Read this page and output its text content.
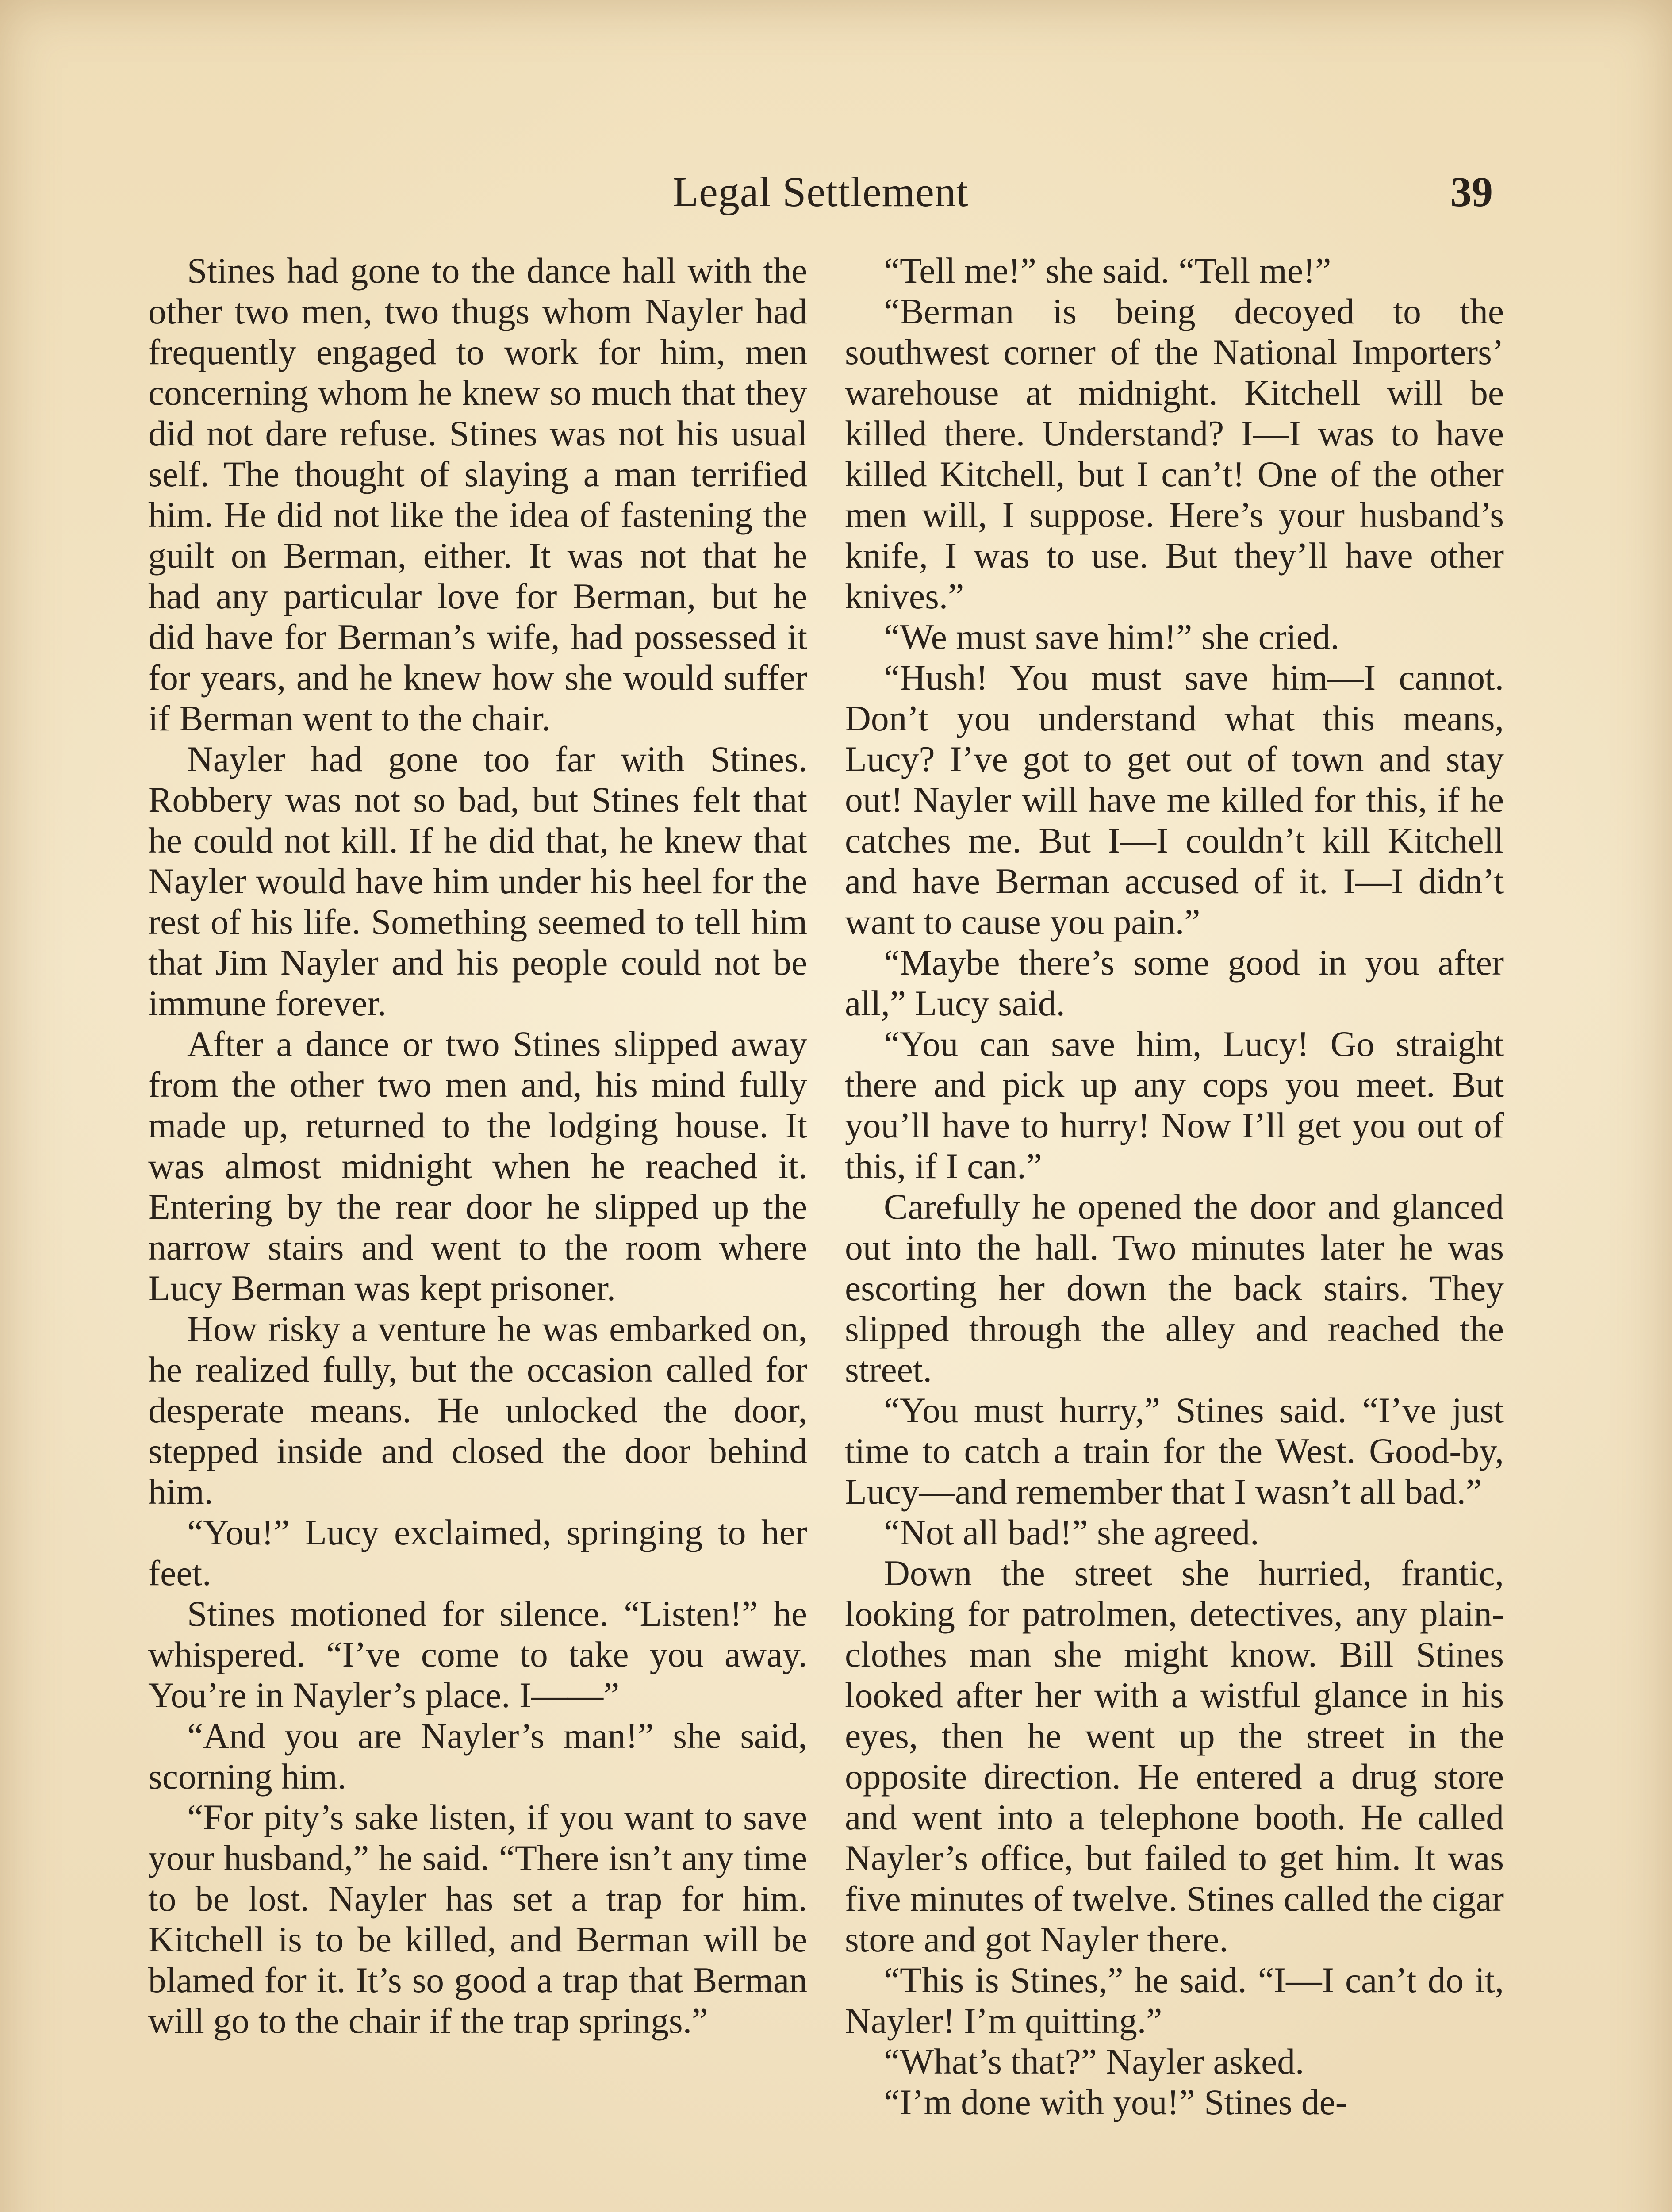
Legal Settlement	39

Stines had gone to the dance hall with the other two men, two thugs whom Nayler had frequently engaged to work for him, men concerning whom he knew so much that they did not dare refuse. Stines was not his usual self. The thought of slaying a man terrified him. He did not like the idea of fastening the guilt on Berman, either. It was not that he had any particular love for Berman, but he did have for Berman’s wife, had possessed it for years, and he knew how she would suffer if Berman went to the chair.

Nayler had gone too far with Stines. Robbery was not so bad, but Stines felt that he could not kill. If he did that, he knew that Nayler would have him under his heel for the rest of his life. Something seemed to tell him that Jim Nayler and his people could not be immune forever.

After a dance or two Stines slipped away from the other two men and, his mind fully made up, returned to the lodging house. It was almost midnight when he reached it. Entering by the rear door he slipped up the narrow stairs and went to the room where Lucy Berman was kept prisoner.

How risky a venture he was embarked on, he realized fully, but the occasion called for desperate means. He unlocked the door, stepped inside and closed the door behind him.

“You!” Lucy exclaimed, springing to her feet.

Stines motioned for silence. “Listen!” he whispered. “I’ve come to take you away. You’re in Nayler’s place. I——”

“And you are Nayler’s man!” she said, scorning him.

“For pity’s sake listen, if you want to save your husband,” he said. “There isn’t any time to be lost. Nayler has set a trap for him. Kitchell is to be killed, and Berman will be blamed for it. It’s so good a trap that Berman will go to the chair if the trap springs.”

“Tell me!” she said. “Tell me!”

“Berman is being decoyed to the southwest corner of the National Importers’ warehouse at midnight. Kitchell will be killed there. Understand? I—I was to have killed Kitchell, but I can’t! One of the other men will, I suppose. Here’s your husband’s knife, I was to use. But they’ll have other knives.”

“We must save him!” she cried.

“Hush! You must save him—I cannot. Don’t you understand what this means, Lucy? I’ve got to get out of town and stay out! Nayler will have me killed for this, if he catches me. But I—I couldn’t kill Kitchell and have Berman accused of it. I—I didn’t want to cause you pain.”

“Maybe there’s some good in you after all,” Lucy said.

“You can save him, Lucy! Go straight there and pick up any cops you meet. But you’ll have to hurry! Now I’ll get you out of this, if I can.”

Carefully he opened the door and glanced out into the hall. Two minutes later he was escorting her down the back stairs. They slipped through the alley and reached the street.

“You must hurry,” Stines said. “I’ve just time to catch a train for the West. Good-by, Lucy—and remember that I wasn’t all bad.”

“Not all bad!” she agreed.

Down the street she hurried, frantic, looking for patrolmen, detectives, any plain-clothes man she might know. Bill Stines looked after her with a wistful glance in his eyes, then he went up the street in the opposite direction. He entered a drug store and went into a telephone booth. He called Nayler’s office, but failed to get him. It was five minutes of twelve. Stines called the cigar store and got Nayler there.

“This is Stines,” he said. “I—I can’t do it, Nayler! I’m quitting.”

“What’s that?” Nayler asked.

“I’m done with you!” Stines de-
